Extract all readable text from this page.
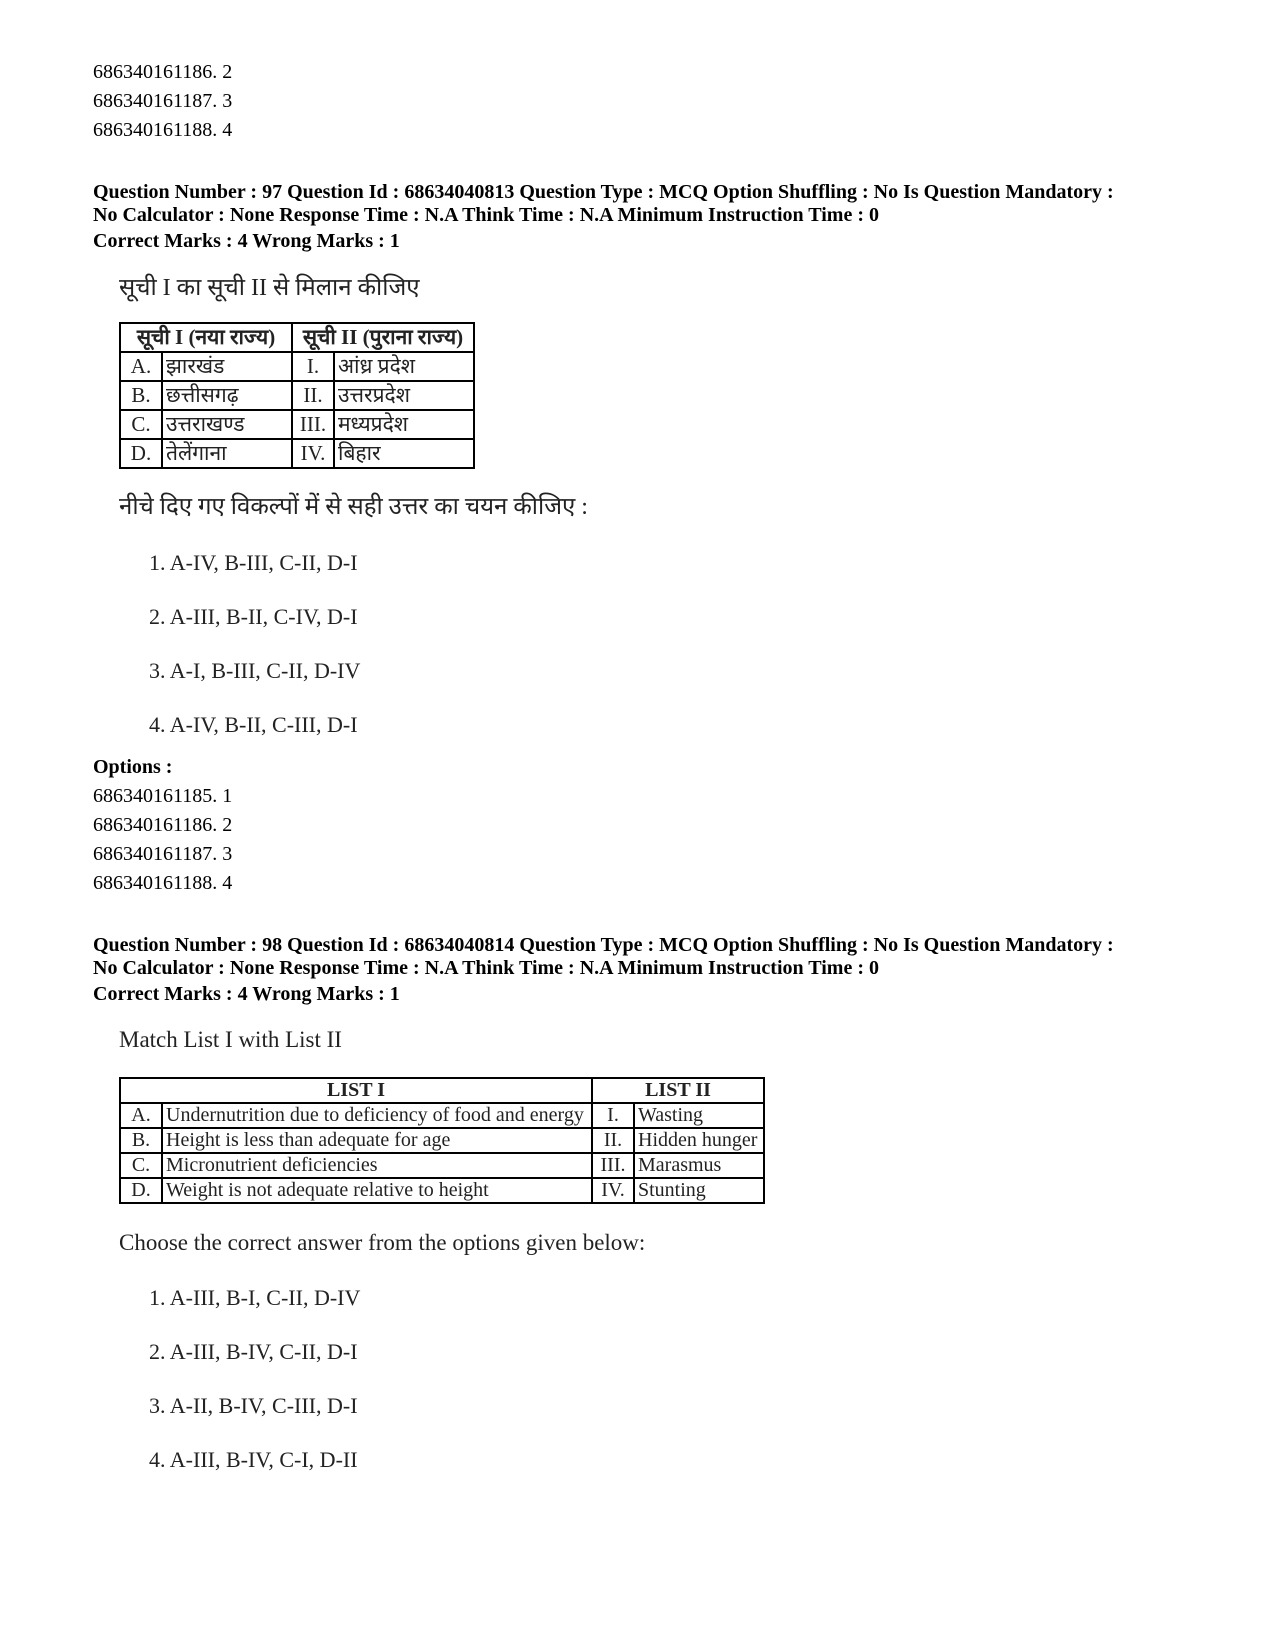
686340161186. 2
686340161187. 3
686340161188. 4
Question Number : 97 Question Id : 68634040813 Question Type : MCQ Option Shuffling : No Is Question Mandatory :
No Calculator : None Response Time : N.A Think Time : N.A Minimum Instruction Time : 0
Correct Marks : 4 Wrong Marks : 1
सूची I का सूची II से मिलान कीजिए
सूची I (नया राज्य)		सूची II (पुराना राज्य)	
A.	झारखंड	I.	आंध्र प्रदेश
B.	छत्तीसगढ़	II.	उत्तरप्रदेश
C.	उत्तराखण्ड	III.	मध्यप्रदेश
D.	तेलेंगाना	IV.	बिहार
नीचे दिए गए विकल्पों में से सही उत्तर का चयन कीजिए :
1. A-IV, B-III, C-II, D-I
2. A-III, B-II, C-IV, D-I
3. A-I, B-III, C-II, D-IV
4. A-IV, B-II, C-III, D-I
Options :
686340161185. 1
686340161186. 2
686340161187. 3
686340161188. 4
Question Number : 98 Question Id : 68634040814 Question Type : MCQ Option Shuffling : No Is Question Mandatory :
No Calculator : None Response Time : N.A Think Time : N.A Minimum Instruction Time : 0
Correct Marks : 4 Wrong Marks : 1
Match List I with List II
LIST I		LIST II	
A.	Undernutrition due to deficiency of food and energy	I.	Wasting
B.	Height is less than adequate for age	II.	Hidden hunger
C.	Micronutrient deficiencies	III.	Marasmus
D.	Weight is not adequate relative to height	IV.	Stunting
Choose the correct answer from the options given below:
1. A-III, B-I, C-II, D-IV
2. A-III, B-IV, C-II, D-I
3. A-II, B-IV, C-III, D-I
4. A-III, B-IV, C-I, D-II
